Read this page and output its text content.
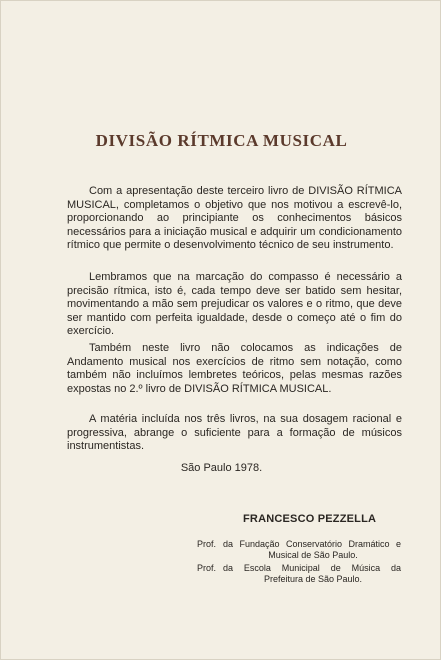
DIVISÃO RÍTMICA MUSICAL

Com a apresentação deste terceiro livro de DIVISÃO RÍTMICA MUSICAL, completamos o objetivo que nos motivou a escrevê-lo, proporcionando ao principiante os conhecimentos básicos necessários para a iniciação musical e adquirir um condicionamento rítmico que permite o desenvolvimento técnico de seu instrumento.

Lembramos que na marcação do compasso é necessário a precisão rítmica, isto é, cada tempo deve ser batido sem hesitar, movimentando a mão sem prejudicar os valores e o ritmo, que deve ser mantido com perfeita igualdade, desde o começo até o fim do exercício.

Também neste livro não colocamos as indicações de Andamento musical nos exercícios de ritmo sem notação, como também não incluímos lembretes teóricos, pelas mesmas razões expostas no 2.º livro de DIVISÃO RÍTMICA MUSICAL.

A matéria incluída nos três livros, na sua dosagem racional e progressiva, abrange o suficiente para a formação de músicos instrumentistas.

São Paulo 1978.

FRANCESCO PEZZELLA

Prof. da Fundação Conservatório Dramático e
Musical de São Paulo.
Prof. da Escola Municipal de Música da
Prefeitura de São Paulo.
